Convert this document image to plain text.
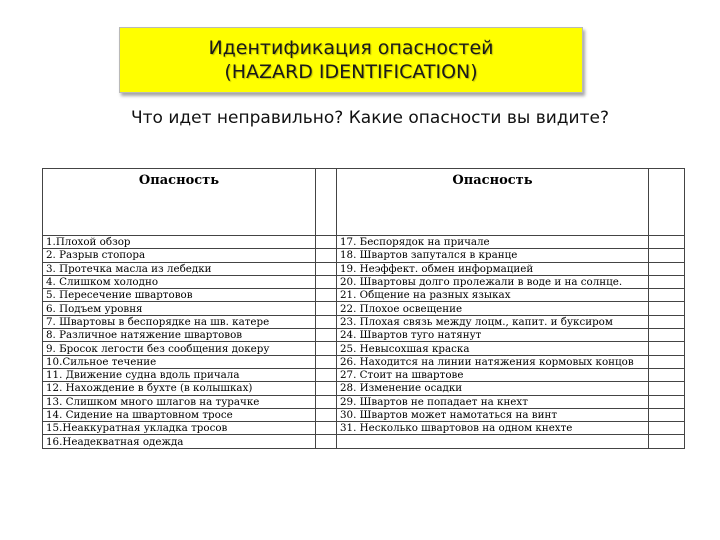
Идентификация опасностей
(HAZARD IDENTIFICATION)
Что идет неправильно? Какие опасности вы видите?
Опасность		Опасность	
1.Плохой обзор		17. Беспорядок на причале	
2. Разрыв стопора		18. Швартов запутался в кранце	
3. Протечка масла из лебедки		19. Неэффект. обмен информацией	
4. Слишком холодно		20. Швартовы долго пролежали в воде и на солнце.	
5. Пересечение швартовов		21. Общение на разных языках	
6. Подъем уровня		22. Плохое освещение	
7. Швартовы в беспорядке на шв. катере		23. Плохая связь между лоцм., капит. и буксиром	
8. Различное натяжение швартовов		24. Швартов туго натянут	
9. Бросок легости без сообщения докеру		25. Невысохшая краска	
10.Сильное течение		26. Находится на линии натяжения кормовых концов	
11. Движение судна вдоль причала		27. Стоит на швартове	
12. Нахождение в бухте (в колышках)		28. Изменение осадки	
13. Слишком много шлагов на турачке		29. Швартов не попадает на кнехт	
14. Сидение на швартовном тросе		30. Швартов может намотаться на винт	
15.Неаккуратная укладка тросов		31. Несколько швартовов на одном кнехте	
16.Неадекватная одежда			
